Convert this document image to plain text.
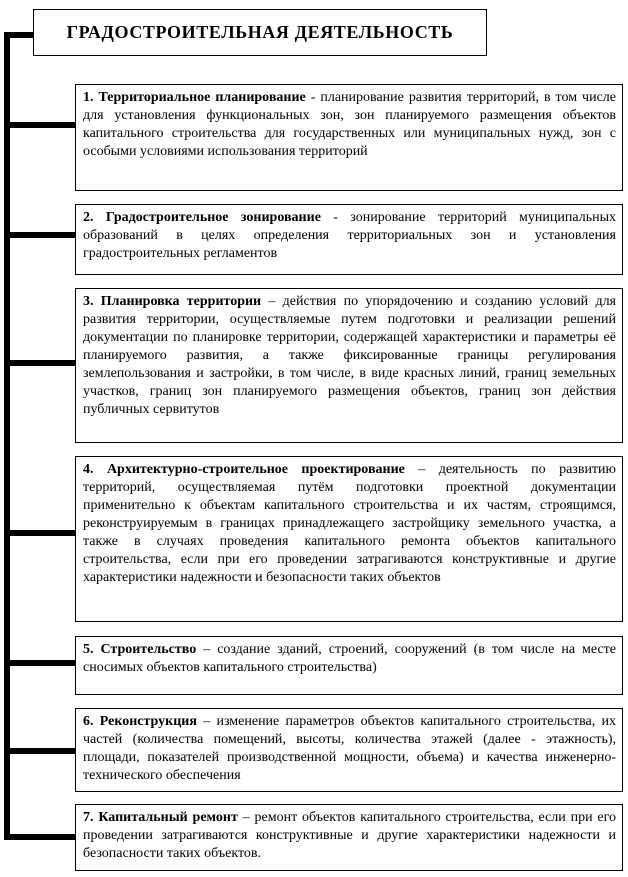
ГРАДОСТРОИТЕЛЬНАЯ ДЕЯТЕЛЬНОСТЬ
1. Территориальное планирование - планирование развития территорий, в том числе для установления функциональных зон, зон планируемого размещения объектов капитального строительства для государственных или муниципальных нужд, зон с особыми условиями использования территорий
2. Градостроительное зонирование - зонирование территорий муниципальных образований в целях определения территориальных зон и установления градостроительных регламентов
3. Планировка территории – действия по упорядочению и созданию условий для развития территории, осуществляемые путем подготовки и реализации решений документации по планировке территории, содержащей характеристики и параметры её планируемого развития, а также фиксированные границы регулирования землепользования и застройки, в том числе, в виде красных линий, границ земельных участков, границ зон планируемого размещения объектов, границ зон действия публичных сервитутов
4. Архитектурно-строительное проектирование – деятельность по развитию территорий, осуществляемая путём подготовки проектной документации применительно к объектам капитального строительства и их частям, строящимся, реконструируемым в границах принадлежащего застройщику земельного участка, а также в случаях проведения капитального ремонта объектов капитального строительства, если при его проведении затрагиваются конструктивные и другие характеристики надежности и безопасности таких объектов
5. Строительство – создание зданий, строений, сооружений (в том числе на месте сносимых объектов капитального строительства)
6. Реконструкция – изменение параметров объектов капитального строительства, их частей (количества помещений, высоты, количества этажей (далее - этажность), площади, показателей производственной мощности, объема) и качества инженерно-технического обеспечения
7. Капитальный ремонт – ремонт объектов капитального строительства, если при его проведении затрагиваются конструктивные и другие характеристики надежности и безопасности таких объектов.
